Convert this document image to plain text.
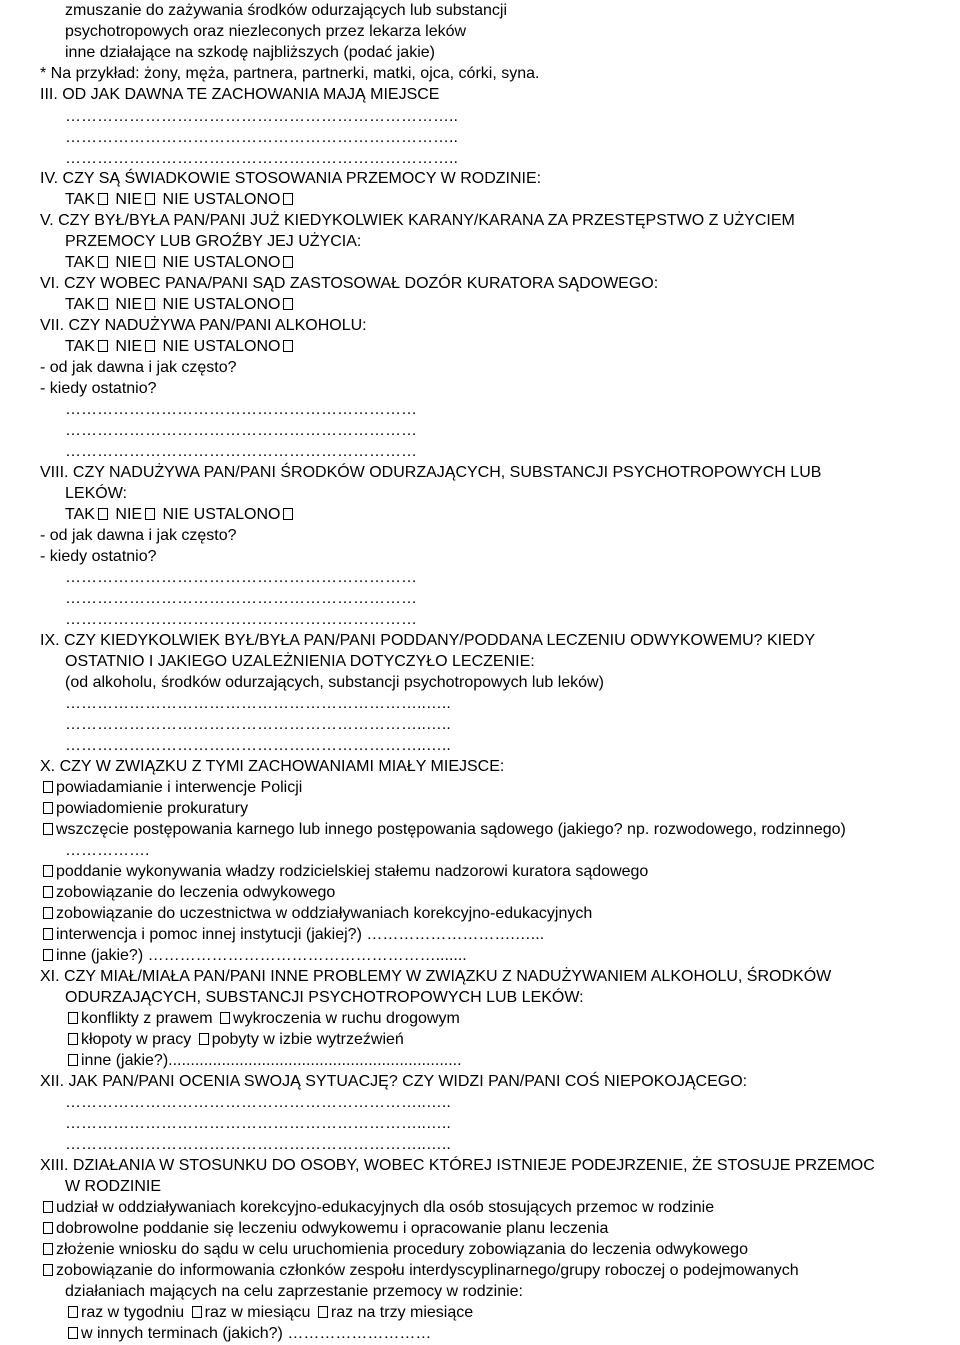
zmuszanie do zażywania środków odurzających lub substancji
psychotropowych oraz niezleconych przez lekarza leków
inne działające na szkodę najbliższych (podać jakie)
* Na przykład: żony, męża, partnera, partnerki, matki, ojca, córki, syna.
III. OD JAK DAWNA TE ZACHOWANIA MAJĄ MIEJSCE
………………………………………………………………..
………………………………………………………………..
………………………………………………………………..
IV. CZY SĄ ŚWIADKOWIE STOSOWANIA PRZEMOCY W RODZINIE:
TAK NIE NIE USTALONO
V. CZY BYŁ/BYŁA PAN/PANI JUŻ KIEDYKOLWIEK KARANY/KARANA ZA PRZESTĘPSTWO Z UŻYCIEM
PRZEMOCY LUB GROŹBY JEJ UŻYCIA:
TAK NIE NIE USTALONO
VI. CZY WOBEC PANA/PANI SĄD ZASTOSOWAŁ DOZÓR KURATORA SĄDOWEGO:
TAK NIE NIE USTALONO
VII. CZY NADUŻYWA PAN/PANI ALKOHOLU:
TAK NIE NIE USTALONO
- od jak dawna i jak często?
- kiedy ostatnio?
…………………………………………………………
…………………………………………………………
…………………………………………………………
VIII. CZY NADUŻYWA PAN/PANI ŚRODKÓW ODURZAJĄCYCH, SUBSTANCJI PSYCHOTROPOWYCH LUB
LEKÓW:
TAK NIE NIE USTALONO
- od jak dawna i jak często?
- kiedy ostatnio?
…………………………………………………………
…………………………………………………………
…………………………………………………………
IX. CZY KIEDYKOLWIEK BYŁ/BYŁA PAN/PANI PODDANY/PODDANA LECZENIU ODWYKOWEMU? KIEDY
OSTATNIO I JAKIEGO UZALEŻNIENIA DOTYCZYŁO LECZENIE:
(od alkoholu, środków odurzających, substancji psychotropowych lub leków)
…………………………………………………………..…..
…………………………………………………………..…..
…………………………………………………………..…..
X. CZY W ZWIĄZKU Z TYMI ZACHOWANIAMI MIAŁY MIEJSCE:
powiadamianie i interwencje Policji
powiadomienie prokuratury
wszczęcie postępowania karnego lub innego postępowania sądowego (jakiego? np. rozwodowego, rodzinnego)
…………….
poddanie wykonywania władzy rodzicielskiej stałemu nadzorowi kuratora sądowego
zobowiązanie do leczenia odwykowego
zobowiązanie do uczestnictwa w oddziaływaniach korekcyjno-edukacyjnych
interwencja i pomoc innej instytucji (jakiej?) ……………………….…...
inne (jakie?) ……………………………………………….......
XI. CZY MIAŁ/MIAŁA PAN/PANI INNE PROBLEMY W ZWIĄZKU Z NADUŻYWANIEM ALKOHOLU, ŚRODKÓW
ODURZAJĄCYCH, SUBSTANCJI PSYCHOTROPOWYCH LUB LEKÓW:
konflikty z prawem wykroczenia w ruchu drogowym
kłopoty w pracy pobyty w izbie wytrzeźwień
inne (jakie?)..................................................................
XII. JAK PAN/PANI OCENIA SWOJĄ SYTUACJĘ? CZY WIDZI PAN/PANI COŚ NIEPOKOJĄCEGO:
…………………………………………………………..…..
…………………………………………………………..…..
…………………………………………………………..…..
XIII. DZIAŁANIA W STOSUNKU DO OSOBY, WOBEC KTÓREJ ISTNIEJE PODEJRZENIE, ŻE STOSUJE PRZEMOC
W RODZINIE
udział w oddziaływaniach korekcyjno-edukacyjnych dla osób stosujących przemoc w rodzinie
dobrowolne poddanie się leczeniu odwykowemu i opracowanie planu leczenia
złożenie wniosku do sądu w celu uruchomienia procedury zobowiązania do leczenia odwykowego
zobowiązanie do informowania członków zespołu interdyscyplinarnego/grupy roboczej o podejmowanych
działaniach mających na celu zaprzestanie przemocy w rodzinie:
raz w tygodniu raz w miesiącu raz na trzy miesiące
w innych terminach (jakich?) ………………………
